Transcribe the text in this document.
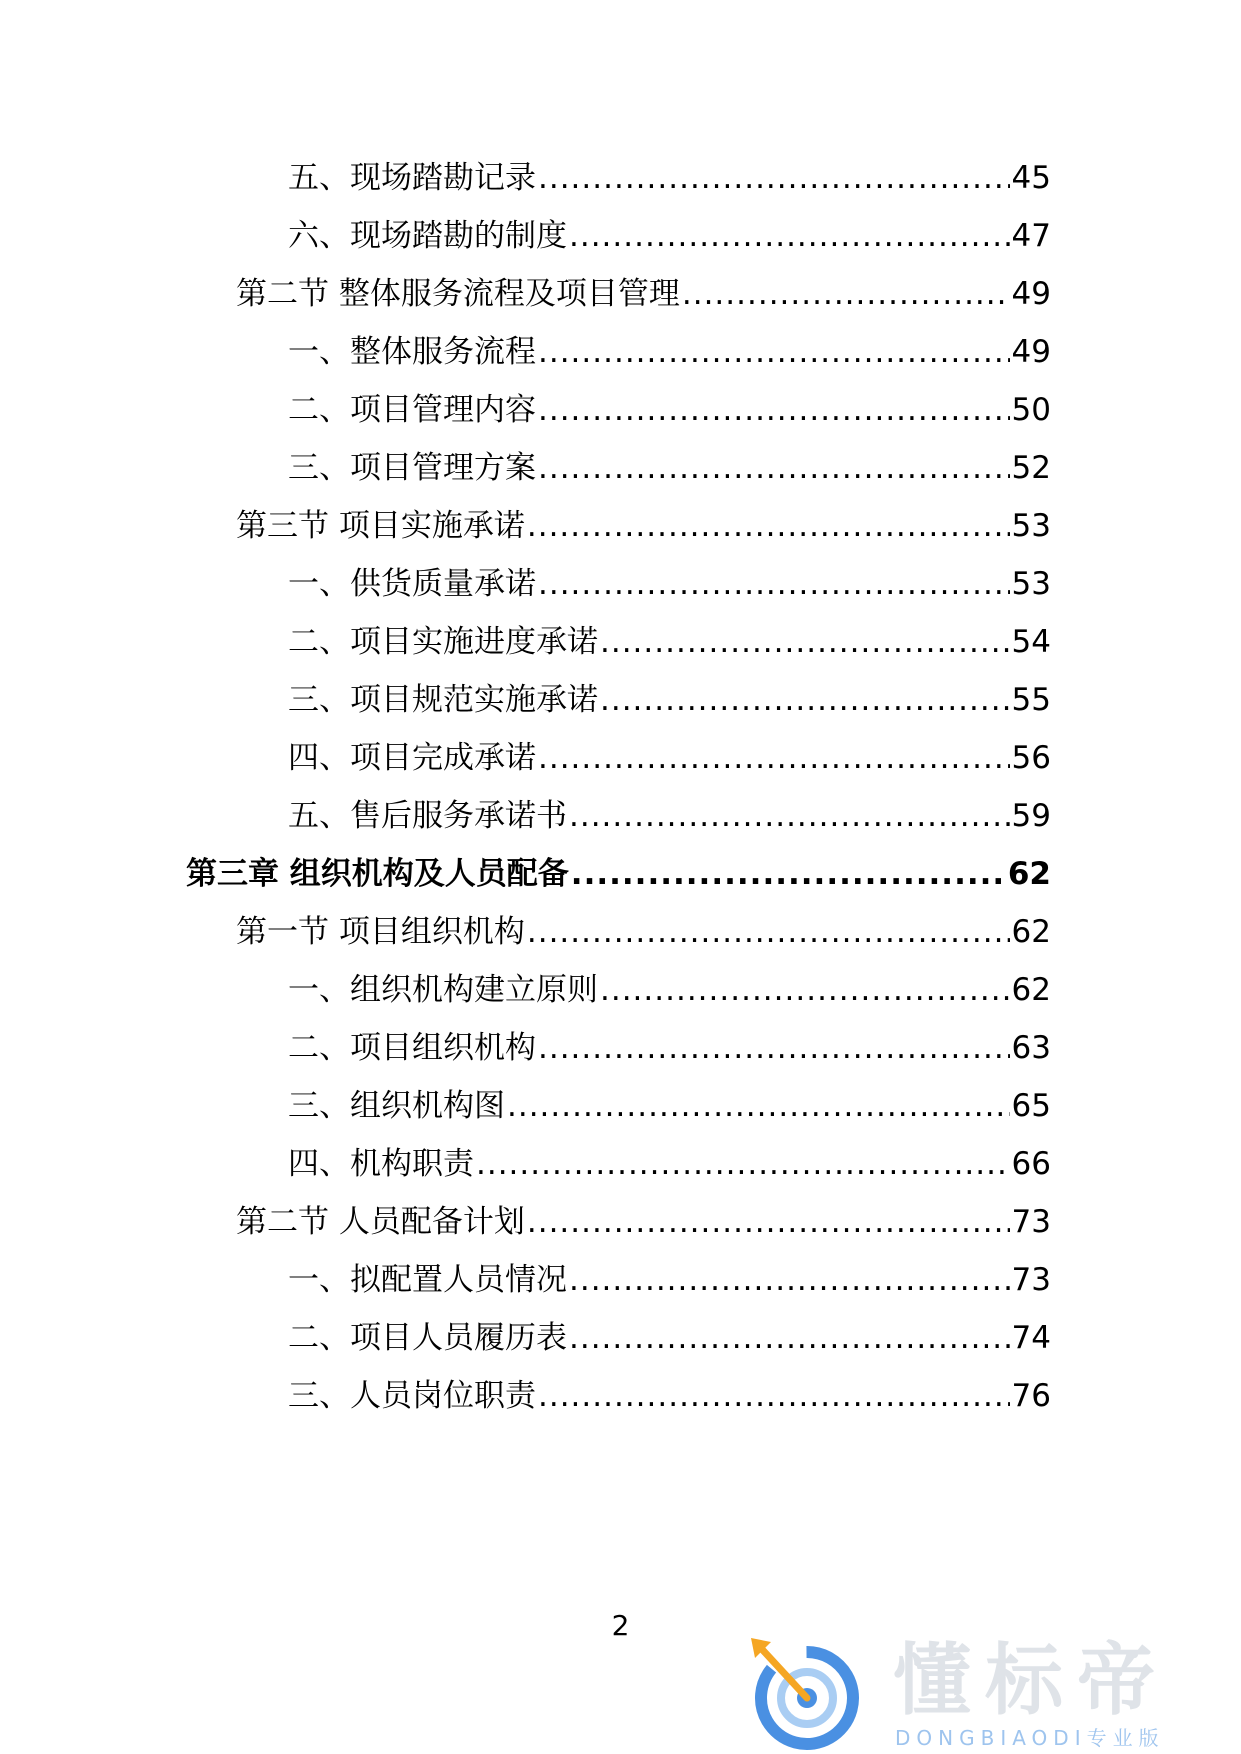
五、现场踏勘记录 .....	45
六、现场踏勘的制度 .....	47
第二节 整体服务流程及项目管理 .....	49
一、整体服务流程 .....	49
二、项目管理内容 .....	50
三、项目管理方案 .....	52
第三节 项目实施承诺 .....	53
一、供货质量承诺 .....	53
二、项目实施进度承诺 .....	54
三、项目规范实施承诺 .....	55
四、项目完成承诺 .....	56
五、售后服务承诺书 .....	59
第三章 组织机构及人员配备 .....	62
第一节 项目组织机构 .....	62
一、组织机构建立原则 .....	62
二、项目组织机构 .....	63
三、组织机构图 .....	65
四、机构职责 .....	66
第二节 人员配备计划 .....	73
一、拟配置人员情况 .....	73
二、项目人员履历表 .....	74
三、人员岗位职责 .....	76
2
懂标帝
DONGBIAODI专业版
